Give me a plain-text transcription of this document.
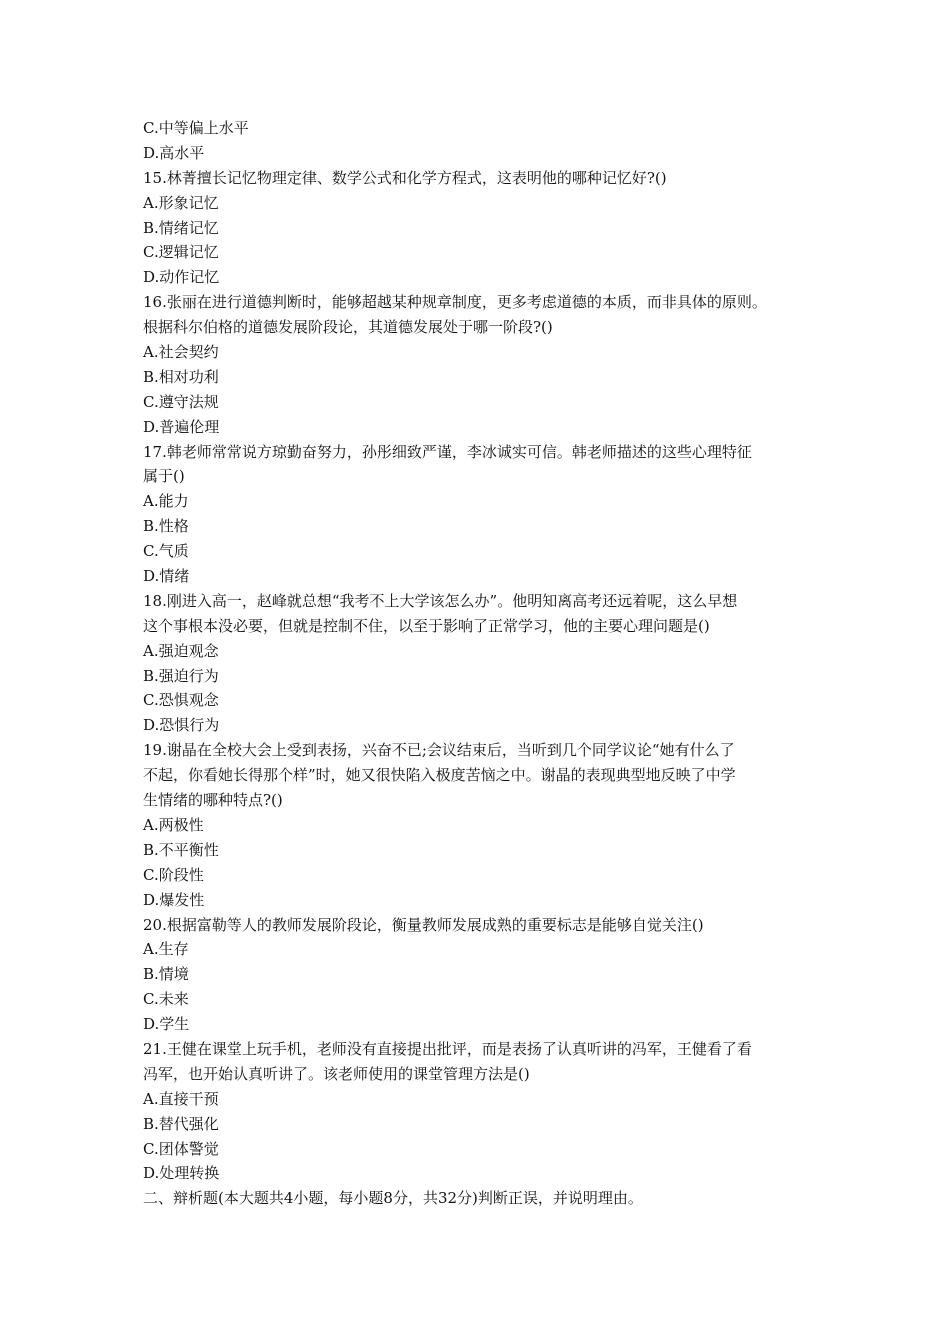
C.中等偏上水平
D.高水平
15.林菁擅长记忆物理定律、数学公式和化学方程式，这表明他的哪种记忆好?()
A.形象记忆
B.情绪记忆
C.逻辑记忆
D.动作记忆
16.张丽在进行道德判断时，能够超越某种规章制度，更多考虑道德的本质，而非具体的原则。
根据科尔伯格的道德发展阶段论，其道德发展处于哪一阶段?()
A.社会契约
B.相对功利
C.遵守法规
D.普遍伦理
17.韩老师常常说方琼勤奋努力，孙彤细致严谨，李冰诚实可信。韩老师描述的这些心理特征
属于()
A.能力
B.性格
C.气质
D.情绪
18.刚进入高一，赵峰就总想“我考不上大学该怎么办”。他明知离高考还远着呢，这么早想
这个事根本没必要，但就是控制不住，以至于影响了正常学习，他的主要心理问题是()
A.强迫观念
B.强迫行为
C.恐惧观念
D.恐惧行为
19.谢晶在全校大会上受到表扬，兴奋不已;会议结束后，当听到几个同学议论“她有什么了
不起，你看她长得那个样”时，她又很快陷入极度苦恼之中。谢晶的表现典型地反映了中学
生情绪的哪种特点?()
A.两极性
B.不平衡性
C.阶段性
D.爆发性
20.根据富勒等人的教师发展阶段论，衡量教师发展成熟的重要标志是能够自觉关注()
A.生存
B.情境
C.未来
D.学生
21.王健在课堂上玩手机，老师没有直接提出批评，而是表扬了认真听讲的冯军，王健看了看
冯军，也开始认真听讲了。该老师使用的课堂管理方法是()
A.直接干预
B.替代强化
C.团体警觉
D.处理转换
二、辩析题(本大题共4小题，每小题8分，共32分)判断正误，并说明理由。
